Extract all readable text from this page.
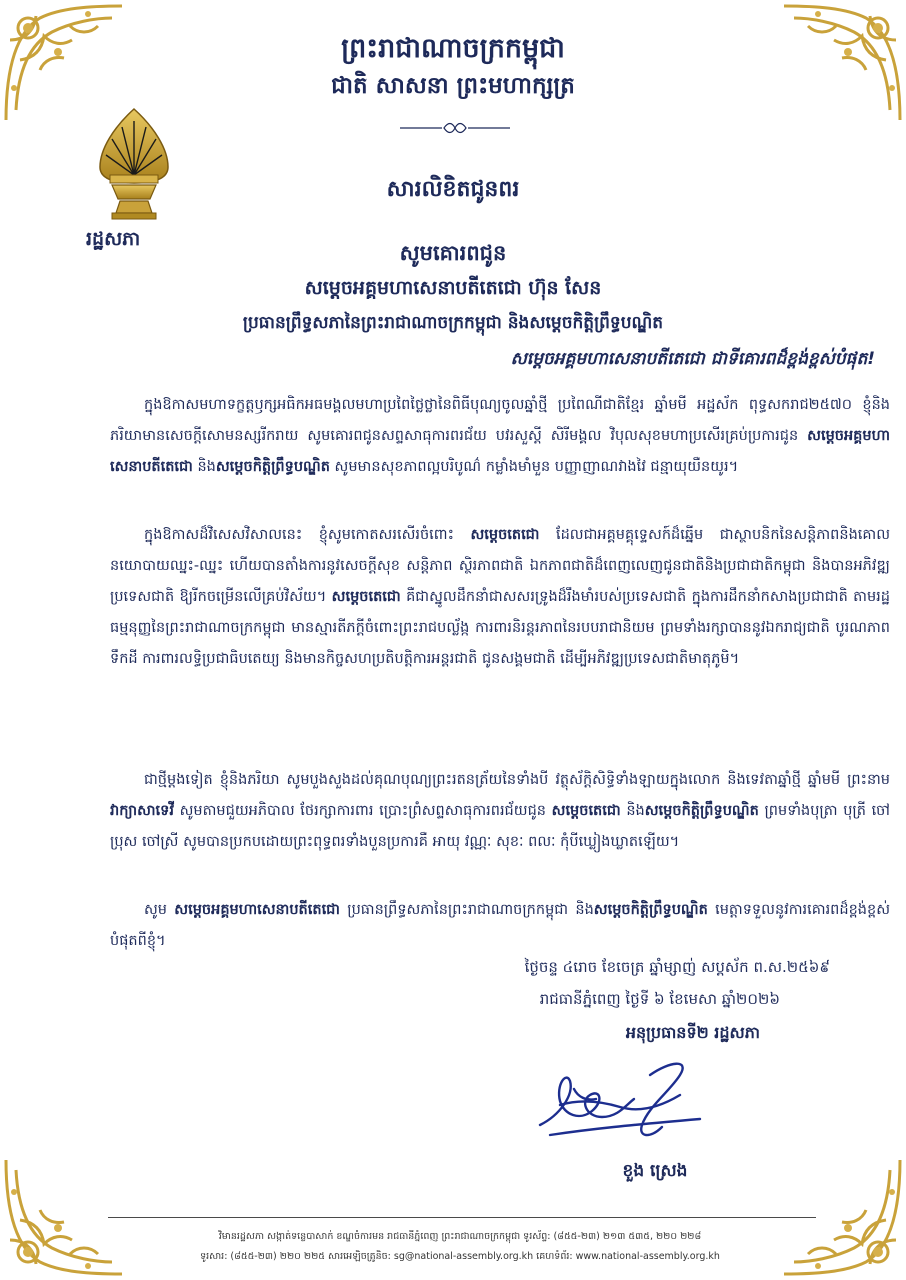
រដ្ឋសភា
ព្រះរាជាណាចក្រកម្ពុជា
ជាតិ សាសនា ព្រះមហាក្សត្រ
សារលិខិតជូនពរ
សូមគោរពជូន
សម្តេចអគ្គមហាសេនាបតីតេជោ ហ៊ុន សែន
ប្រធានព្រឹទ្ធសភានៃព្រះរាជាណាចក្រកម្ពុជា និងសម្តេចកិត្តិព្រឹទ្ធបណ្ឌិត
សម្តេចអគ្គមហាសេនាបតីតេជោ ជាទីគោរពដ៏ខ្ពង់ខ្ពស់បំផុត!
ក្នុងឱកាសមហាទក្ខត្តឫក្សអធិកអធមង្គលមហាប្រពៃថ្លៃថ្លានៃពិធីបុណ្យចូលឆ្នាំថ្មី ប្រពៃណីជាតិខ្មែរ ឆ្នាំមមី អដ្ឋស័ក ពុទ្ធសករាជ២៥៧០ ខ្ញុំនិងភរិយាមានសេចក្តីសោមនស្សរីករាយ សូមគោរពជូនសព្ទសាធុការពរជ័យ បវរសួស្តី សិរីមង្គល វិបុលសុខមហាប្រសើរគ្រប់ប្រការជូន សម្តេចអគ្គមហាសេនាបតីតេជោ និងសម្តេចកិត្តិព្រឹទ្ធបណ្ឌិត សូមមានសុខភាពល្អបរិបូណ៌ កម្លាំងមាំមួន បញ្ញាញាណវាងវៃ ជន្មាយុយឺនយូរ។
ក្នុងឱកាសដ៏វិសេសវិសាលនេះ ខ្ញុំសូមកោតសរសើរចំពោះ សម្តេចតេជោ ដែលជាអគ្គមគ្គុទ្ទេសក៍ដ៏ឆ្នើម ជាស្ថាបនិកនៃសន្តិភាពនិងគោលនយោបាយឈ្នះ-ឈ្នះ ហើយបានតាំងការនូវសេចក្តីសុខ សន្តិភាព ស្ថិរភាពជាតិ ឯកភាពជាតិដ៏ពេញលេញជូនជាតិនិងប្រជាជាតិកម្ពុជា និងបានអភិវឌ្ឍប្រទេសជាតិ ឱ្យរីកចម្រើនលើគ្រប់វិស័យ។ សម្តេចតេជោ គឺជាស្នូលដឹកនាំជាសសរទ្រូងដ៏រឹងមាំរបស់ប្រទេសជាតិ ក្នុងការដឹកនាំកសាងប្រជាជាតិ តាមរដ្ឋធម្មនុញ្ញនៃព្រះរាជាណាចក្រកម្ពុជា មានស្មារតីភក្តីចំពោះព្រះរាជបល្ល័ង្ក ការពារនិរន្តរភាពនៃរបបរាជានិយម ព្រមទាំងរក្សាបាននូវឯករាជ្យជាតិ បូរណភាពទឹកដី ការពារលទ្ធិប្រជាធិបតេយ្យ និងមានកិច្ចសហប្រតិបត្តិការអន្តរជាតិ ជូនសង្គមជាតិ ដើម្បីអភិវឌ្ឍប្រទេសជាតិមាតុភូមិ។
ជាថ្មីម្តងទៀត ខ្ញុំនិងភរិយា សូមបួងសួងដល់គុណបុណ្យព្រះរតនត្រ័យនៃទាំងបី វត្ថុស័ក្តិសិទ្ធិទាំងឡាយក្នុងលោក និងទេវតាឆ្នាំថ្មី ឆ្នាំមមី ព្រះនាម វាក្យាសាទេវី សូមតាមជួយអភិបាល ថែរក្សាការពារ ប្រោះព្រំសព្ទសាធុការពរជ័យជូន សម្តេចតេជោ និងសម្តេចកិត្តិព្រឹទ្ធបណ្ឌិត ព្រមទាំងបុត្រា បុត្រី ចៅប្រុស ចៅស្រី សូមបានប្រកបដោយព្រះពុទ្ធពរទាំងបួនប្រការគឺ អាយុ វណ្ណៈ សុខៈ ពលៈ កុំបីឃ្លៀងឃ្លាតឡើយ។
សូម សម្តេចអគ្គមហាសេនាបតីតេជោ ប្រធានព្រឹទ្ធសភានៃព្រះរាជាណាចក្រកម្ពុជា និងសម្តេចកិត្តិព្រឹទ្ធបណ្ឌិត មេត្តាទទួលនូវការគោរពដ៏ខ្ពង់ខ្ពស់បំផុតពីខ្ញុំ។
ថ្ងៃចន្ទ ៤រោច ខែចេត្រ ឆ្នាំម្សាញ់ សប្តស័ក ព.ស.២៥៦៩
រាជធានីភ្នំពេញ ថ្ងៃទី ៦ ខែមេសា ឆ្នាំ២០២៦
អនុប្រធានទី២ រដ្ឋសភា
ខួង ស្រេង
វិមានរដ្ឋសភា សង្កាត់ទន្លេបាសាក់ ខណ្ឌចំការមន រាជធានីភ្នំពេញ ព្រះរាជាណាចក្រកម្ពុជា ទូរស័ព្ទ: (៨៥៥-២៣) ២១៣ ៥៣៥, ២២០ ២២៨
ទូរសារ: (៨៥៥-២៣) ២២០ ២២៥ សារអេឡិចត្រូនិច: sg@national-assembly.org.kh គេហទំព័រ: www.national-assembly.org.kh
